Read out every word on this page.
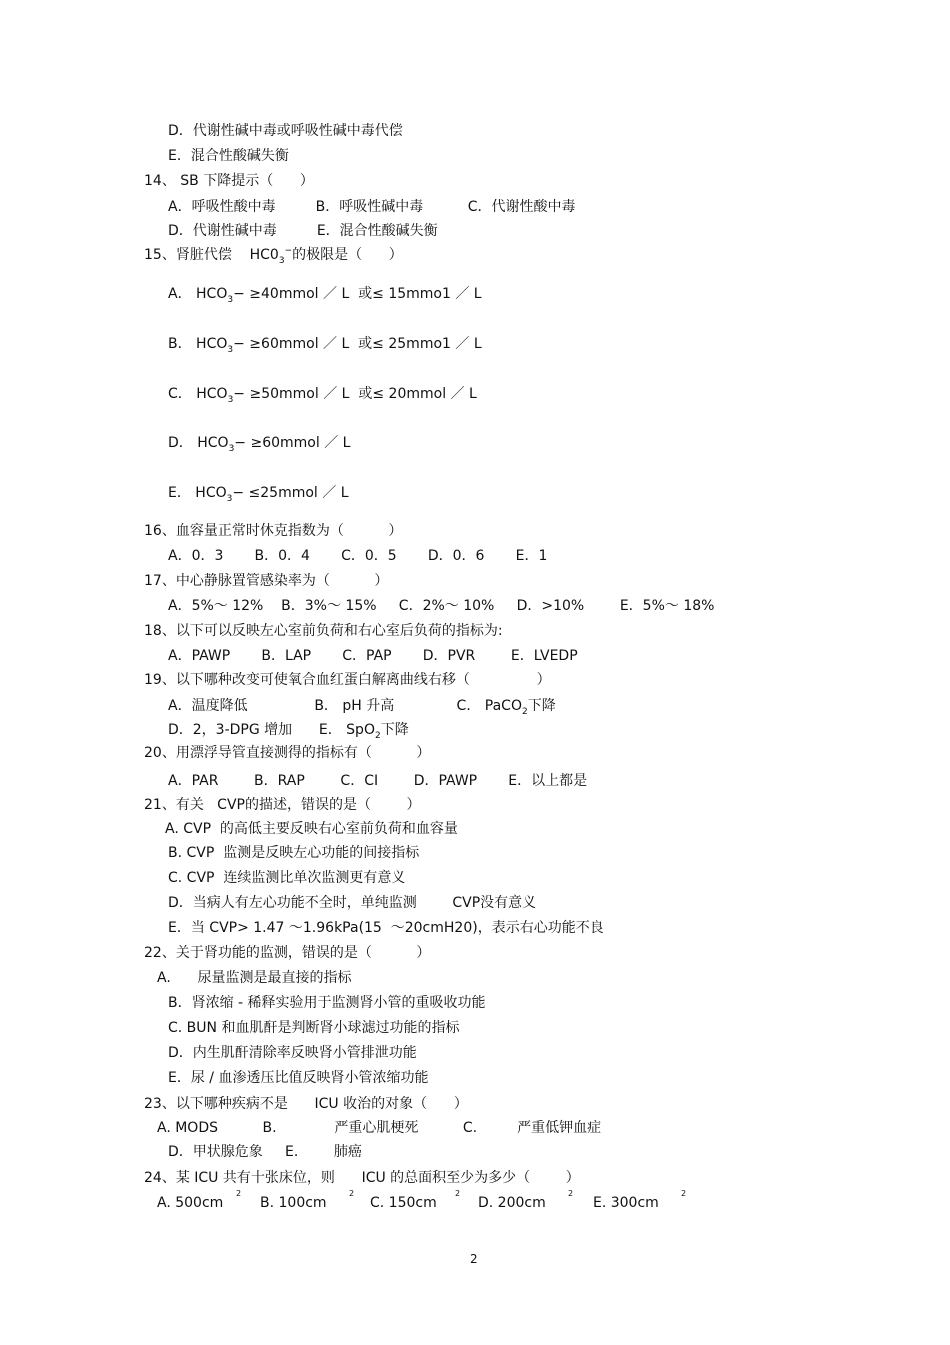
D．代谢性碱中毒或呼吸性碱中毒代偿
E．混合性酸碱失衡
14、 SB 下降提示（      ）
A．呼吸性酸中毒         B．呼吸性碱中毒          C．代谢性酸中毒
D．代谢性碱中毒         E．混合性酸碱失衡
15、肾脏代偿    $HC0_3^-$的极限是（      ）
A． $HCO_3-$ ≥40mmol ／ L  或≤ 15mmo1 ／ L
B． $HCO_3-$ ≥60mmol ／ L  或≤ 25mmo1 ／ L
C． $HCO_3-$ ≥50mmol ／ L  或≤ 20mmol ／ L
D． $HCO_3-$ ≥60mmol ／ L
E． $HCO_3-$ ≤25mmol ／ L
16、血容量正常时休克指数为（          ）
A．0．3       B．0．4       C．0．5       D．0．6       E．1
17、中心静脉置管感染率为（          ）
A．5%～ 12%    B．3%～ 15%     C．2%～ 10%     D．>10%        E．5%～ 18%
18、以下可以反映左心室前负荷和右心室后负荷的指标为:
A．PAWP       B．LAP       C．PAP       D．PVR        E．LVEDP
19、以下哪种改变可使氧合血红蛋白解离曲线右移（               ）
A．温度降低               B． pH 升高              C． PaCO$_2$下降
D．2，3-DPG 增加      E． SpO$_2$下降
20、用漂浮导管直接测得的指标有（          ）
A．PAR        B．RAP        C．CI        D．PAWP       E．以上都是
21、有关   CVP的描述，错误的是（        ）
A. CVP  的高低主要反映右心室前负荷和血容量
B. CVP  监测是反映左心功能的间接指标
C. CVP  连续监测比单次监测更有意义
D．当病人有左心功能不全时，单纯监测        CVP没有意义
E．当 CVP> 1.47 ～1.96kPa(15  ～20cmH20)，表示右心功能不良
22、关于肾功能的监测，错误的是（          ）
A.      尿量监测是最直接的指标
B．肾浓缩 - 稀释实验用于监测肾小管的重吸收功能
C. BUN 和血肌酐是判断肾小球滤过功能的指标
D．内生肌酐清除率反映肾小管排泄功能
E．尿 / 血渗透压比值反映肾小管浓缩功能
23、以下哪种疾病不是      ICU 收治的对象（      ）
A. MODS          B.             严重心肌梗死          C.         严重低钾血症
D．甲状腺危象     E.        肺癌
24、某 ICU 共有十张床位，则      ICU 的总面积至少为多少（        ）
A. 500cm
2
B. 100cm
2
C. 150cm
2
D. 200cm
2
E. 300cm
2
2
